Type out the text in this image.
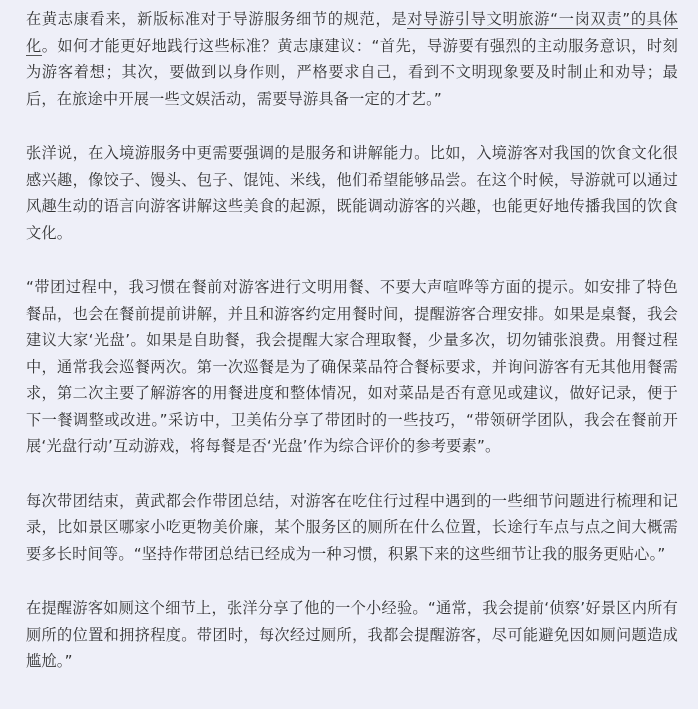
在黄志康看来，新版标准对于导游服务细节的规范，是对导游引导文明旅游“一岗双责”的具体化。如何才能更好地践行这些标准？黄志康建议：“首先，导游要有强烈的主动服务意识，时刻为游客着想；其次，要做到以身作则，严格要求自己，看到不文明现象要及时制止和劝导；最后，在旅途中开展一些文娱活动，需要导游具备一定的才艺。”

张洋说，在入境游服务中更需要强调的是服务和讲解能力。比如，入境游客对我国的饮食文化很感兴趣，像饺子、馒头、包子、馄饨、米线，他们希望能够品尝。在这个时候，导游就可以通过风趣生动的语言向游客讲解这些美食的起源，既能调动游客的兴趣，也能更好地传播我国的饮食文化。

“带团过程中，我习惯在餐前对游客进行文明用餐、不要大声喧哗等方面的提示。如安排了特色餐品，也会在餐前提前讲解，并且和游客约定用餐时间，提醒游客合理安排。如果是桌餐，我会建议大家‘光盘’。如果是自助餐，我会提醒大家合理取餐，少量多次，切勿铺张浪费。用餐过程中，通常我会巡餐两次。第一次巡餐是为了确保菜品符合餐标要求，并询问游客有无其他用餐需求，第二次主要了解游客的用餐进度和整体情况，如对菜品是否有意见或建议，做好记录，便于下一餐调整或改进。”采访中，卫美佑分享了带团时的一些技巧，“带领研学团队，我会在餐前开展‘光盘行动’互动游戏，将每餐是否‘光盘’作为综合评价的参考要素”。

每次带团结束，黄武都会作带团总结，对游客在吃住行过程中遇到的一些细节问题进行梳理和记录，比如景区哪家小吃更物美价廉，某个服务区的厕所在什么位置，长途行车点与点之间大概需要多长时间等。“坚持作带团总结已经成为一种习惯，积累下来的这些细节让我的服务更贴心。”

在提醒游客如厕这个细节上，张洋分享了他的一个小经验。“通常，我会提前‘侦察’好景区内所有厕所的位置和拥挤程度。带团时，每次经过厕所，我都会提醒游客，尽可能避免因如厕问题造成尴尬。”
